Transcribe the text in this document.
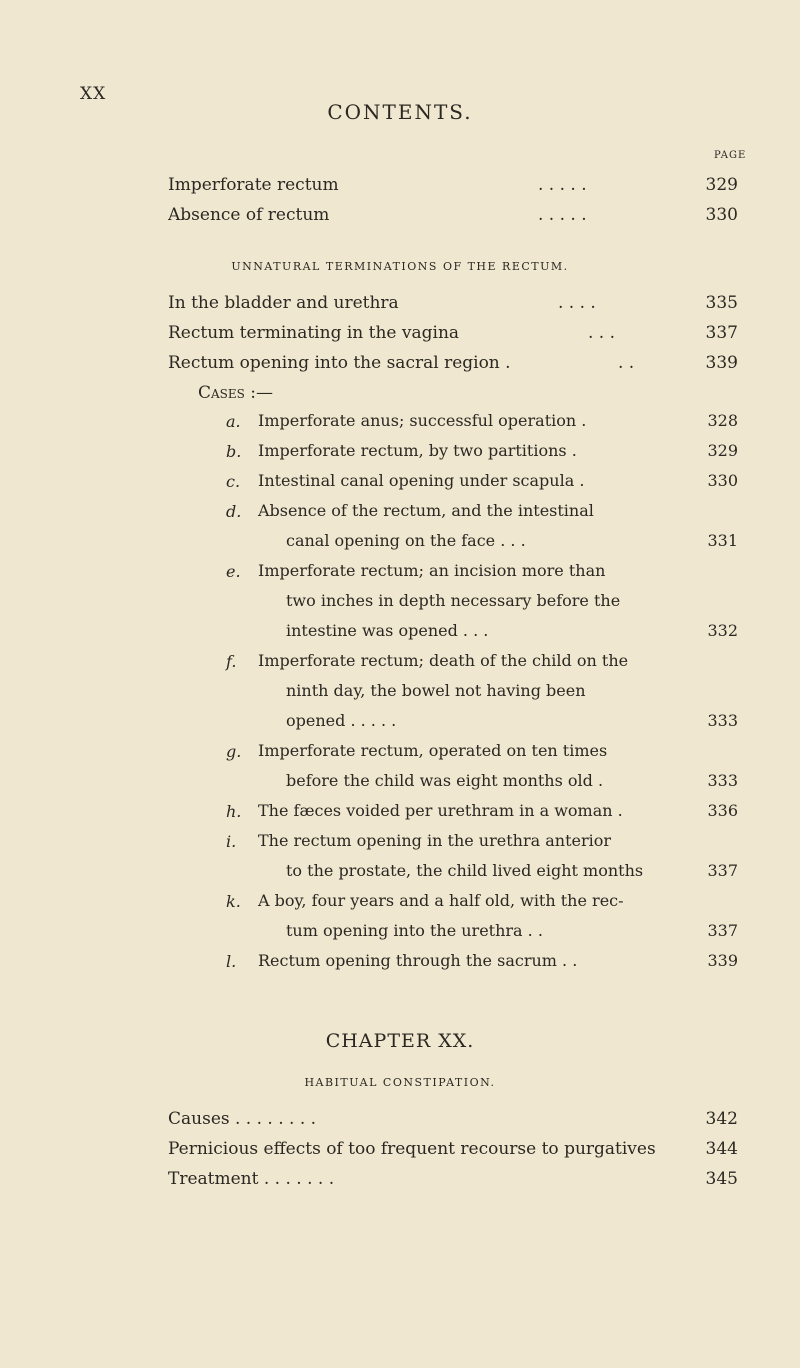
XX
CONTENTS.
PAGE
Imperforate rectum	. . . . .	329
Absence of rectum	. . . . .	330
UNNATURAL TERMINATIONS OF THE RECTUM.
In the bladder and urethra	. . . .	335
Rectum terminating in the vagina	. . .	337
Rectum opening into the sacral region .	. .	339
Cases :—
a. Imperforate anus; successful operation .	328
b. Imperforate rectum, by two partitions .	329
c. Intestinal canal opening under scapula .	330
d. Absence of the rectum, and the intestinal
canal opening on the face . . .	331
e. Imperforate rectum; an incision more than
two inches in depth necessary before the
intestine was opened . . .	332
f. Imperforate rectum; death of the child on the
ninth day, the bowel not having been
opened . . . . .	333
g. Imperforate rectum, operated on ten times
before the child was eight months old .	333
h. The fæces voided per urethram in a woman .	336
i. The rectum opening in the urethra anterior
to the prostate, the child lived eight months	337
k. A boy, four years and a half old, with the rec-
tum opening into the urethra . .	337
l. Rectum opening through the sacrum . .	339
CHAPTER XX.
HABITUAL CONSTIPATION.
Causes . . . . . . . .	342
Pernicious effects of too frequent recourse to purgatives	344
Treatment . . . . . . .	345
